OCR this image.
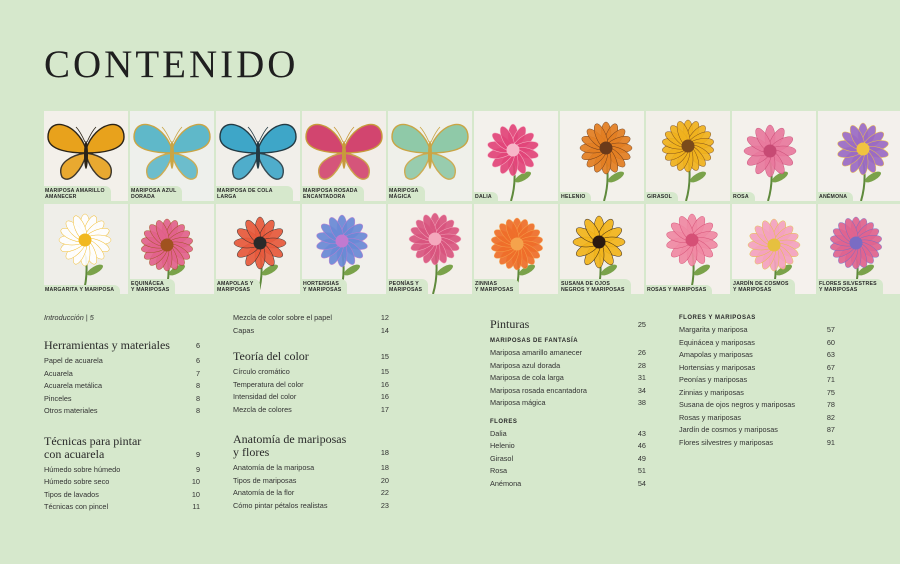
CONTENIDO
MARIPOSA AMARILLO
AMANECER
MARIPOSA AZUL
DORADA
MARIPOSA DE COLA LARGA
MARIPOSA ROSADA
ENCANTADORA
MARIPOSA
MÁGICA	DALIA	HELENIO	GIRASOL	ROSA	ANÉMONA
MARGARITA Y MARIPOSA
EQUINÁCEA
Y MARIPOSAS
AMAPOLAS Y
MARIPOSAS
HORTENSIAS
Y MARIPOSAS
PEONÍAS Y
MARIPOSAS
ZINNIAS
Y MARIPOSAS
SUSANA DE OJOS
NEGROS Y MARIPOSAS	ROSAS Y MARIPOSAS
JARDÍN DE COSMOS
Y MARIPOSAS
FLORES SILVESTRES
Y MARIPOSAS
Introducción | 5
Herramientas y materiales	6
Papel de acuarela	6
Acuarela	7
Acuarela metálica	8
Pinceles	8
Otros materiales	8
Técnicas para pintar
con acuarela	9
Húmedo sobre húmedo	9
Húmedo sobre seco	10
Tipos de lavados	10
Técnicas con pincel	11
Mezcla de color sobre el papel	12
Capas	14
Teoría del color	15
Círculo cromático	15
Temperatura del color	16
Intensidad del color	16
Mezcla de colores	17
Anatomía de mariposas
y flores	18
Anatomía de la mariposa	18
Tipos de mariposas	20
Anatomía de la flor	22
Cómo pintar pétalos realistas	23
Pinturas	25
MARIPOSAS DE FANTASÍA
Mariposa amarillo amanecer	26
Mariposa azul dorada	28
Mariposa de cola larga	31
Mariposa rosada encantadora	34
Mariposa mágica	38
FLORES
Dalia	43
Helenio	46
Girasol	49
Rosa	51
Anémona	54
FLORES Y MARIPOSAS
Margarita y mariposa	57
Equinácea y mariposas	60
Amapolas y mariposas	63
Hortensias y mariposas	67
Peonías y mariposas	71
Zinnias y mariposas	75
Susana de ojos negros y mariposas	78
Rosas y mariposas	82
Jardín de cosmos y mariposas	87
Flores silvestres y mariposas	91
